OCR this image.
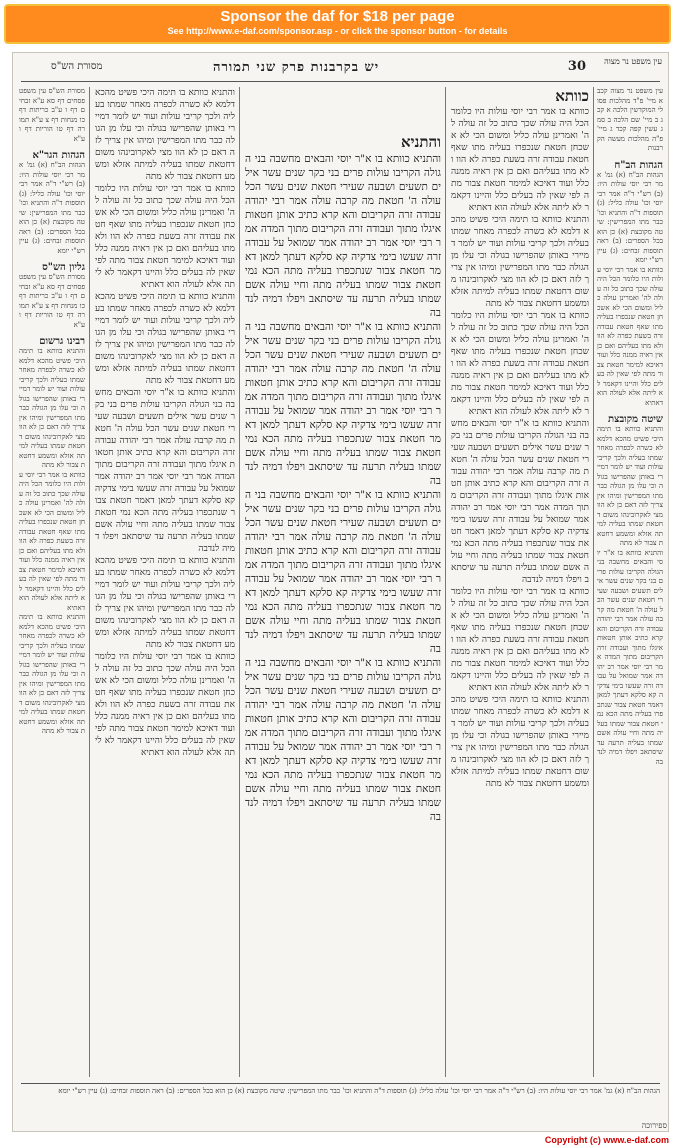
Sponsor the daf for $18 per page
See http://www.e-daf.com/sponsor.asp - or click the sponsor button - for details
מסורת הש"ס	יש בקרבנות פרק שני תמורה	30 עין משפט נר מצוה
מסורת הש"ס עין משפט פסחים דף סא ע"א זבחים דף ו ע"ב כריתות דף כו מנחות דף צ ע"א תמורה דף טו הוריות דף ו ע"א
הגהות הגר"א
הגהות הב"ח (א) גמ' אמר רבי יוסי עולות היו: (ב) רש"י ד"ה אמר רבי יוסי וכו' עולה כליל: (ג) תוספות ד"ה והתניא וכו' כבר מתו המפרישין: שיטה מקובצת (א) כן הוא בכל הספרים: (ב) ראה תוספות זבחים: (ג) עיין רש"י יומא
גליון הש"ס
מסורת הש"ס עין משפט פסחים דף סא ע"א זבחים דף ו ע"ב כריתות דף כו מנחות דף צ ע"א תמורה דף טו הוריות דף ו ע"א
רבינו גרשום
והתניא כוותא בו תימה היכי פשיט מהכא דלמא לא כשרה לכפרה מאחר שמתו בעליה ולכך קריבי עולות ועוד יש לומר דמיירי באותן שהפרישו בגולה וכי עלו מן הגולה כבר מתו המפרישין ומיהו אין צריך לזה דאם כן לא הוו מצי לאקרובינהו משום דחטאת שמתו בעליה למיתה אזלא ומשמע דחטאת צבור לא מתה
כוותא בו אמר רבי יוסי עולות היו כלומר הכל היה עולה שכך כתוב כל זה עולה לה' ואמרינן עולה כליל ומשום הכי לא אשכחן חטאת שנכפרו בעליה מתו שאף חטאת עבודה זרה בשעת כפרה לא הוו ולא מתו בעליהם ואם כן אין ראיה ממנה כלל ועוד דאיכא למימר חטאת צבור מתה לפי שאין לה בעלים כלל והיינו דקאמר לא ליתה אלא לעולה הוא דאתיא
והתניא כוותא בו תימה היכי פשיט מהכא דלמא לא כשרה לכפרה מאחר שמתו בעליה ולכך קריבי עולות ועוד יש לומר דמיירי באותן שהפרישו בגולה וכי עלו מן הגולה כבר מתו המפרישין ומיהו אין צריך לזה דאם כן לא הוו מצי לאקרובינהו משום דחטאת שמתו בעליה למיתה אזלא ומשמע דחטאת צבור לא מתה
והתניא כוותא בו תימה היכי פשיט מהכא דלמא לא כשרה לכפרה מאחר שמתו בעליה ולכך קריבי עולות ועוד יש לומר דמיירי באותן שהפרישו בגולה וכי עלו מן הגולה כבר מתו המפרישין ומיהו אין צריך לזה דאם כן לא הוו מצי לאקרובינהו משום דחטאת שמתו בעליה למיתה אזלא ומשמע דחטאת צבור לא מתה
כוותא בו אמר רבי יוסי עולות היו כלומר הכל היה עולה שכך כתוב כל זה עולה לה' ואמרינן עולה כליל ומשום הכי לא אשכחן חטאת שנכפרו בעליה מתו שאף חטאת עבודה זרה בשעת כפרה לא הוו ולא מתו בעליהם ואם כן אין ראיה ממנה כלל ועוד דאיכא למימר חטאת צבור מתה לפי שאין לה בעלים כלל והיינו דקאמר לא ליתה אלא לעולה הוא דאתיא
והתניא כוותא בו תימה היכי פשיט מהכא דלמא לא כשרה לכפרה מאחר שמתו בעליה ולכך קריבי עולות ועוד יש לומר דמיירי באותן שהפרישו בגולה וכי עלו מן הגולה כבר מתו המפרישין ומיהו אין צריך לזה דאם כן לא הוו מצי לאקרובינהו משום דחטאת שמתו בעליה למיתה אזלא ומשמע דחטאת צבור לא מתה
והתניא כוותא בו א"ר יוסי והבאים מחשבה בני הגולה הקריבו עולות פרים בני בקר שנים עשר אילים תשעים ושבעה שעירי חטאת שנים עשר הכל עולה ה' חטאת מה קרבה עולה אמר רבי יהודה עבודה זרה הקריבום והא קרא כתיב אותן חטאות איגלו מתוך ועבודה זרה הקריבום מתוך המדה אמר רבי יוסי אמר רב יהודה אמר שמואל על עבודה זרה שעשו בימי צדקיה קא סלקא דעתך למאן דאמר חטאת צבור שנתכפרו בעליה מתה הכא נמי חטאת צבור שמתו בעליה מתה וחיי עולה אשם שמתו בעליה תרעה עד שיסתאב ויפלו דמיה לנדבה
והתניא כוותא בו תימה היכי פשיט מהכא דלמא לא כשרה לכפרה מאחר שמתו בעליה ולכך קריבי עולות ועוד יש לומר דמיירי באותן שהפרישו בגולה וכי עלו מן הגולה כבר מתו המפרישין ומיהו אין צריך לזה דאם כן לא הוו מצי לאקרובינהו משום דחטאת שמתו בעליה למיתה אזלא ומשמע דחטאת צבור לא מתה
כוותא בו אמר רבי יוסי עולות היו כלומר הכל היה עולה שכך כתוב כל זה עולה לה' ואמרינן עולה כליל ומשום הכי לא אשכחן חטאת שנכפרו בעליה מתו שאף חטאת עבודה זרה בשעת כפרה לא הוו ולא מתו בעליהם ואם כן אין ראיה ממנה כלל ועוד דאיכא למימר חטאת צבור מתה לפי שאין לה בעלים כלל והיינו דקאמר לא ליתה אלא לעולה הוא דאתיא
והתניא
והתניא כוותא בו א"ר יוסי והבאים מחשבה בני הגולה הקריבו עולות פרים בני בקר שנים עשר אילים תשעים ושבעה שעירי חטאת שנים עשר הכל עולה ה' חטאת מה קרבה עולה אמר רבי יהודה עבודה זרה הקריבום והא קרא כתיב אותן חטאות איגלו מתוך ועבודה זרה הקריבום מתוך המדה אמר רבי יוסי אמר רב יהודה אמר שמואל על עבודה זרה שעשו בימי צדקיה קא סלקא דעתך למאן דאמר חטאת צבור שנתכפרו בעליה מתה הכא נמי חטאת צבור שמתו בעליה מתה וחיי עולה אשם שמתו בעליה תרעה עד שיסתאב ויפלו דמיה לנדבה
והתניא כוותא בו א"ר יוסי והבאים מחשבה בני הגולה הקריבו עולות פרים בני בקר שנים עשר אילים תשעים ושבעה שעירי חטאת שנים עשר הכל עולה ה' חטאת מה קרבה עולה אמר רבי יהודה עבודה זרה הקריבום והא קרא כתיב אותן חטאות איגלו מתוך ועבודה זרה הקריבום מתוך המדה אמר רבי יוסי אמר רב יהודה אמר שמואל על עבודה זרה שעשו בימי צדקיה קא סלקא דעתך למאן דאמר חטאת צבור שנתכפרו בעליה מתה הכא נמי חטאת צבור שמתו בעליה מתה וחיי עולה אשם שמתו בעליה תרעה עד שיסתאב ויפלו דמיה לנדבה
והתניא כוותא בו א"ר יוסי והבאים מחשבה בני הגולה הקריבו עולות פרים בני בקר שנים עשר אילים תשעים ושבעה שעירי חטאת שנים עשר הכל עולה ה' חטאת מה קרבה עולה אמר רבי יהודה עבודה זרה הקריבום והא קרא כתיב אותן חטאות איגלו מתוך ועבודה זרה הקריבום מתוך המדה אמר רבי יוסי אמר רב יהודה אמר שמואל על עבודה זרה שעשו בימי צדקיה קא סלקא דעתך למאן דאמר חטאת צבור שנתכפרו בעליה מתה הכא נמי חטאת צבור שמתו בעליה מתה וחיי עולה אשם שמתו בעליה תרעה עד שיסתאב ויפלו דמיה לנדבה
והתניא כוותא בו א"ר יוסי והבאים מחשבה בני הגולה הקריבו עולות פרים בני בקר שנים עשר אילים תשעים ושבעה שעירי חטאת שנים עשר הכל עולה ה' חטאת מה קרבה עולה אמר רבי יהודה עבודה זרה הקריבום והא קרא כתיב אותן חטאות איגלו מתוך ועבודה זרה הקריבום מתוך המדה אמר רבי יוסי אמר רב יהודה אמר שמואל על עבודה זרה שעשו בימי צדקיה קא סלקא דעתך למאן דאמר חטאת צבור שנתכפרו בעליה מתה הכא נמי חטאת צבור שמתו בעליה מתה וחיי עולה אשם שמתו בעליה תרעה עד שיסתאב ויפלו דמיה לנדבה
כוותא
כוותא בו אמר רבי יוסי עולות היו כלומר הכל היה עולה שכך כתוב כל זה עולה לה' ואמרינן עולה כליל ומשום הכי לא אשכחן חטאת שנכפרו בעליה מתו שאף חטאת עבודה זרה בשעת כפרה לא הוו ולא מתו בעליהם ואם כן אין ראיה ממנה כלל ועוד דאיכא למימר חטאת צבור מתה לפי שאין לה בעלים כלל והיינו דקאמר לא ליתה אלא לעולה הוא דאתיא
והתניא כוותא בו תימה היכי פשיט מהכא דלמא לא כשרה לכפרה מאחר שמתו בעליה ולכך קריבי עולות ועוד יש לומר דמיירי באותן שהפרישו בגולה וכי עלו מן הגולה כבר מתו המפרישין ומיהו אין צריך לזה דאם כן לא הוו מצי לאקרובינהו משום דחטאת שמתו בעליה למיתה אזלא ומשמע דחטאת צבור לא מתה
כוותא בו אמר רבי יוסי עולות היו כלומר הכל היה עולה שכך כתוב כל זה עולה לה' ואמרינן עולה כליל ומשום הכי לא אשכחן חטאת שנכפרו בעליה מתו שאף חטאת עבודה זרה בשעת כפרה לא הוו ולא מתו בעליהם ואם כן אין ראיה ממנה כלל ועוד דאיכא למימר חטאת צבור מתה לפי שאין לה בעלים כלל והיינו דקאמר לא ליתה אלא לעולה הוא דאתיא
והתניא כוותא בו א"ר יוסי והבאים מחשבה בני הגולה הקריבו עולות פרים בני בקר שנים עשר אילים תשעים ושבעה שעירי חטאת שנים עשר הכל עולה ה' חטאת מה קרבה עולה אמר רבי יהודה עבודה זרה הקריבום והא קרא כתיב אותן חטאות איגלו מתוך ועבודה זרה הקריבום מתוך המדה אמר רבי יוסי אמר רב יהודה אמר שמואל על עבודה זרה שעשו בימי צדקיה קא סלקא דעתך למאן דאמר חטאת צבור שנתכפרו בעליה מתה הכא נמי חטאת צבור שמתו בעליה מתה וחיי עולה אשם שמתו בעליה תרעה עד שיסתאב ויפלו דמיה לנדבה
כוותא בו אמר רבי יוסי עולות היו כלומר הכל היה עולה שכך כתוב כל זה עולה לה' ואמרינן עולה כליל ומשום הכי לא אשכחן חטאת שנכפרו בעליה מתו שאף חטאת עבודה זרה בשעת כפרה לא הוו ולא מתו בעליהם ואם כן אין ראיה ממנה כלל ועוד דאיכא למימר חטאת צבור מתה לפי שאין לה בעלים כלל והיינו דקאמר לא ליתה אלא לעולה הוא דאתיא
והתניא כוותא בו תימה היכי פשיט מהכא דלמא לא כשרה לכפרה מאחר שמתו בעליה ולכך קריבי עולות ועוד יש לומר דמיירי באותן שהפרישו בגולה וכי עלו מן הגולה כבר מתו המפרישין ומיהו אין צריך לזה דאם כן לא הוו מצי לאקרובינהו משום דחטאת שמתו בעליה למיתה אזלא ומשמע דחטאת צבור לא מתה
עין משפט נר מצוה קכב א מיי' פ"ד מהלכות פסולי המוקדשין הלכה א קכג ב מיי' שם הלכה ב סמג עשין קפה קכד ג מיי' פ"ה מהלכות מעשה הקרבנות
הגהות הב"ח
הגהות הב"ח (א) גמ' אמר רבי יוסי עולות היו: (ב) רש"י ד"ה אמר רבי יוסי וכו' עולה כליל: (ג) תוספות ד"ה והתניא וכו' כבר מתו המפרישין: שיטה מקובצת (א) כן הוא בכל הספרים: (ב) ראה תוספות זבחים: (ג) עיין רש"י יומא
כוותא בו אמר רבי יוסי עולות היו כלומר הכל היה עולה שכך כתוב כל זה עולה לה' ואמרינן עולה כליל ומשום הכי לא אשכחן חטאת שנכפרו בעליה מתו שאף חטאת עבודה זרה בשעת כפרה לא הוו ולא מתו בעליהם ואם כן אין ראיה ממנה כלל ועוד דאיכא למימר חטאת צבור מתה לפי שאין לה בעלים כלל והיינו דקאמר לא ליתה אלא לעולה הוא דאתיא
שיטה מקובצת
והתניא כוותא בו תימה היכי פשיט מהכא דלמא לא כשרה לכפרה מאחר שמתו בעליה ולכך קריבי עולות ועוד יש לומר דמיירי באותן שהפרישו בגולה וכי עלו מן הגולה כבר מתו המפרישין ומיהו אין צריך לזה דאם כן לא הוו מצי לאקרובינהו משום דחטאת שמתו בעליה למיתה אזלא ומשמע דחטאת צבור לא מתה
והתניא כוותא בו א"ר יוסי והבאים מחשבה בני הגולה הקריבו עולות פרים בני בקר שנים עשר אילים תשעים ושבעה שעירי חטאת שנים עשר הכל עולה ה' חטאת מה קרבה עולה אמר רבי יהודה עבודה זרה הקריבום והא קרא כתיב אותן חטאות איגלו מתוך ועבודה זרה הקריבום מתוך המדה אמר רבי יוסי אמר רב יהודה אמר שמואל על עבודה זרה שעשו בימי צדקיה קא סלקא דעתך למאן דאמר חטאת צבור שנתכפרו בעליה מתה הכא נמי חטאת צבור שמתו בעליה מתה וחיי עולה אשם שמתו בעליה תרעה עד שיסתאב ויפלו דמיה לנדבה
הגהות הב"ח (א) גמ' אמר רבי יוסי עולות היו: (ב) רש"י ד"ה אמר רבי יוסי וכו' עולה כליל: (ג) תוספות ד"ה והתניא וכו' כבר מתו המפרישין: שיטה מקובצת (א) כן הוא בכל הספרים: (ב) ראה תוספות זבחים: (ג) עיין רש"י יומא
ספירוכה
Copyright (c) www.e-daf.com
